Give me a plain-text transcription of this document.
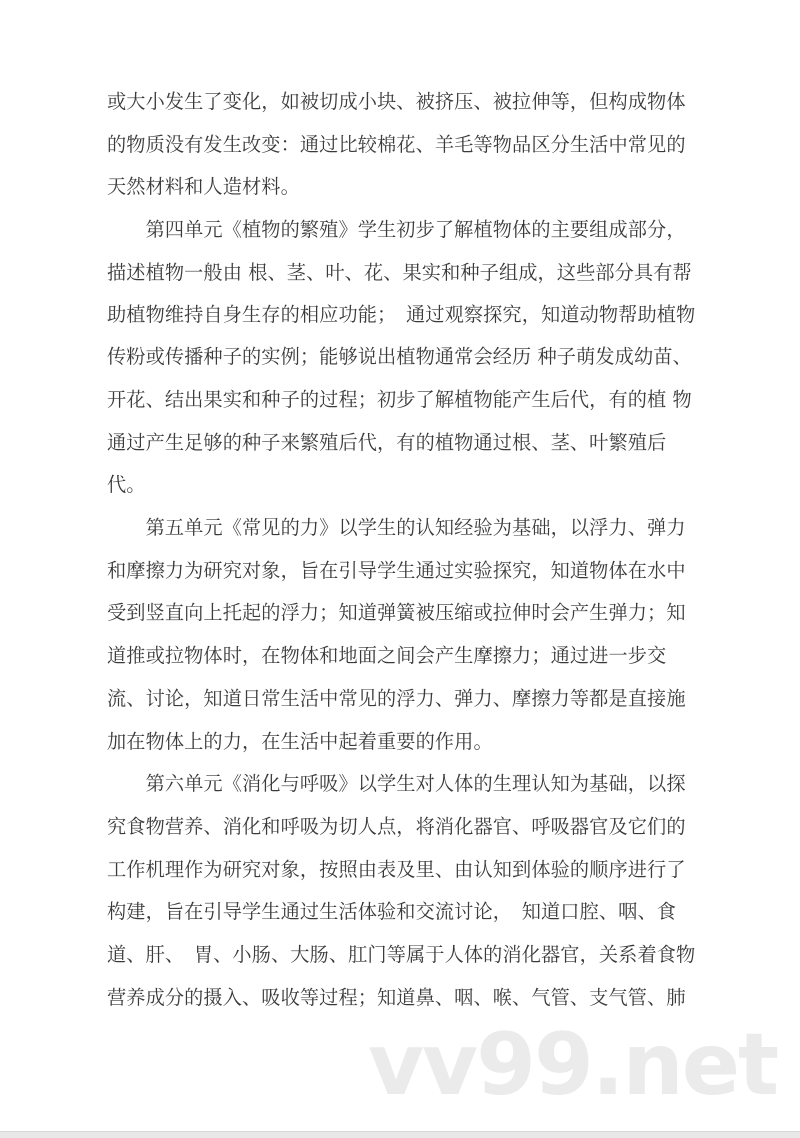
或大小发生了变化，如被切成小块、被挤压、被拉伸等，但构成物体
的物质没有发生改变：通过比较棉花、羊毛等物品区分生活中常见的
天然材料和人造材料。
　　第四单元《植物的繁殖》学生初步了解植物体的主要组成部分，
描述植物一般由 根、茎、叶、花、果实和种子组成，这些部分具有帮
助植物维持自身生存的相应功能；　通过观察探究，知道动物帮助植物
传粉或传播种子的实例；能够说出植物通常会经历 种子萌发成幼苗、
开花、结出果实和种子的过程；初步了解植物能产生后代，有的植 物
通过产生足够的种子来繁殖后代，有的植物通过根、茎、叶繁殖后
代。
　　第五单元《常见的力》以学生的认知经验为基础，以浮力、弹力
和摩擦力为研究对象，旨在引导学生通过实验探究，知道物体在水中
受到竖直向上托起的浮力；知道弹簧被压缩或拉伸时会产生弹力；知
道推或拉物体时，在物体和地面之间会产生摩擦力；通过进一步交
流、讨论，知道日常生活中常见的浮力、弹力、摩擦力等都是直接施
加在物体上的力，在生活中起着重要的作用。
　　第六单元《消化与呼吸》以学生对人体的生理认知为基础，以探
究食物营养、消化和呼吸为切人点，将消化器官、呼吸器官及它们的
工作机理作为研究对象，按照由表及里、由认知到体验的顺序进行了
构建，旨在引导学生通过生活体验和交流讨论，　知道口腔、咽、食
道、肝、　胃、小肠、大肠、肛门等属于人体的消化器官，关系着食物
营养成分的摄入、吸收等过程；知道鼻、咽、喉、气管、支气管、肺
vv99.net
